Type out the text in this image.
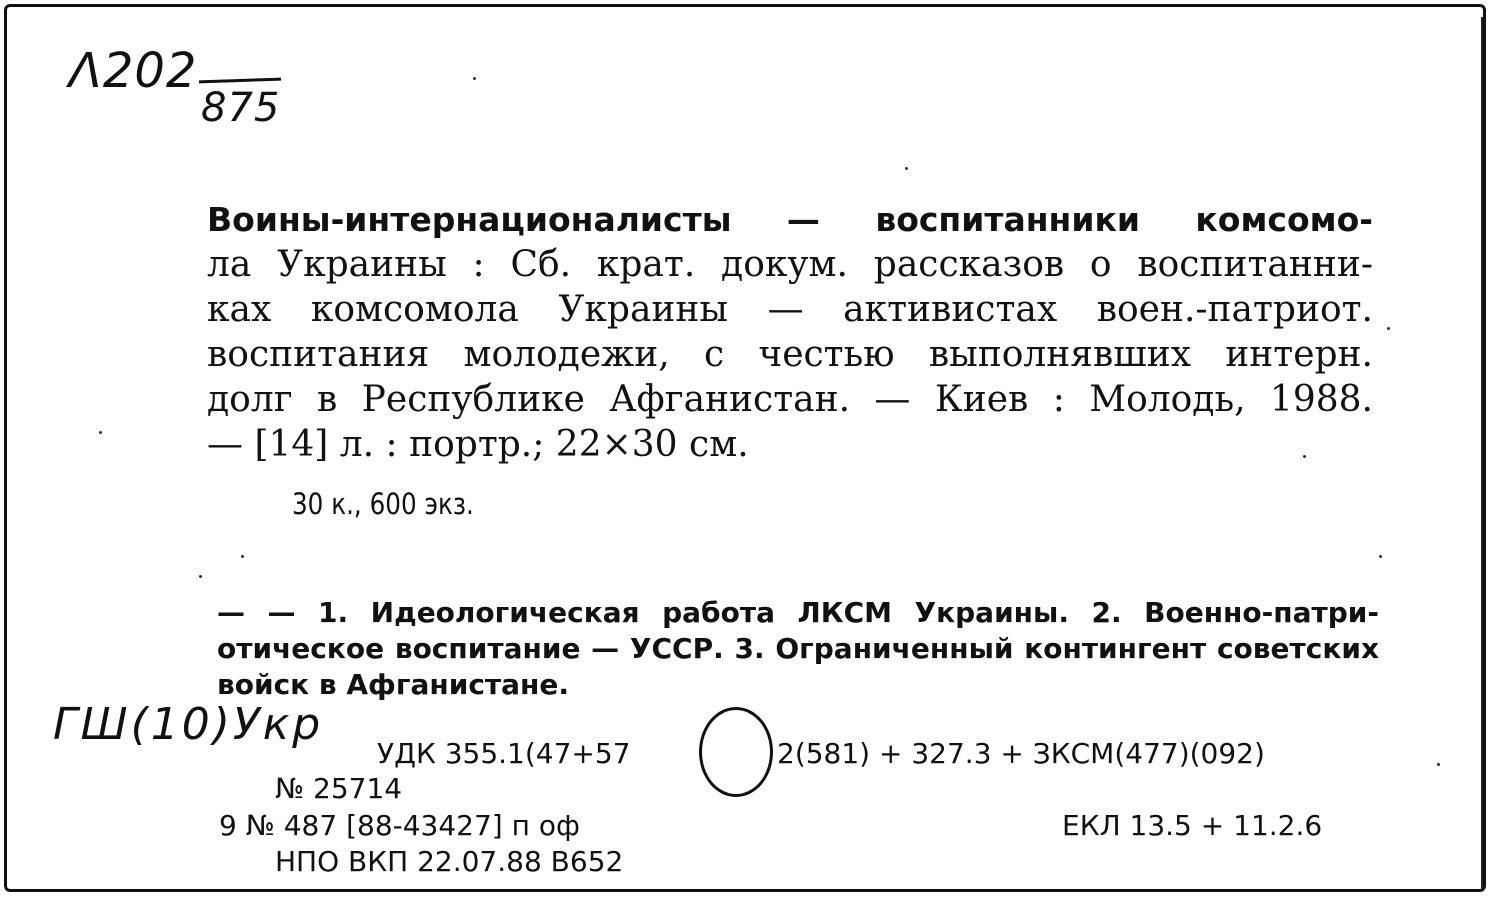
Λ202
875
Воины-интернационалисты — воспитанники комсомо-
ла Украины : Сб. крат. докум. рассказов о воспитанни-
ках комсомола Украины — активистах воен.-патриот.
воспитания молодежи, с честью выполнявших интерн.
долг в Республике Афганистан. — Киев : Молодь, 1988.
— [14] л. : портр.; 22×30 см.
30 к., 600 экз.
— — 1. Идеологическая работа ЛКСМ Украины. 2. Военно-патри-
отическое воспитание — УССР. 3. Ограниченный контингент советских
войск в Афганистане.
ГШ(10)Укр
УДК 355.1(47+57	2(581) + 327.3 + ЗКСМ(477)(092)
№ 25714
9 № 487 [88-43427] п оф	ЕКЛ 13.5 + 11.2.6
НПО ВКП 22.07.88 В652
